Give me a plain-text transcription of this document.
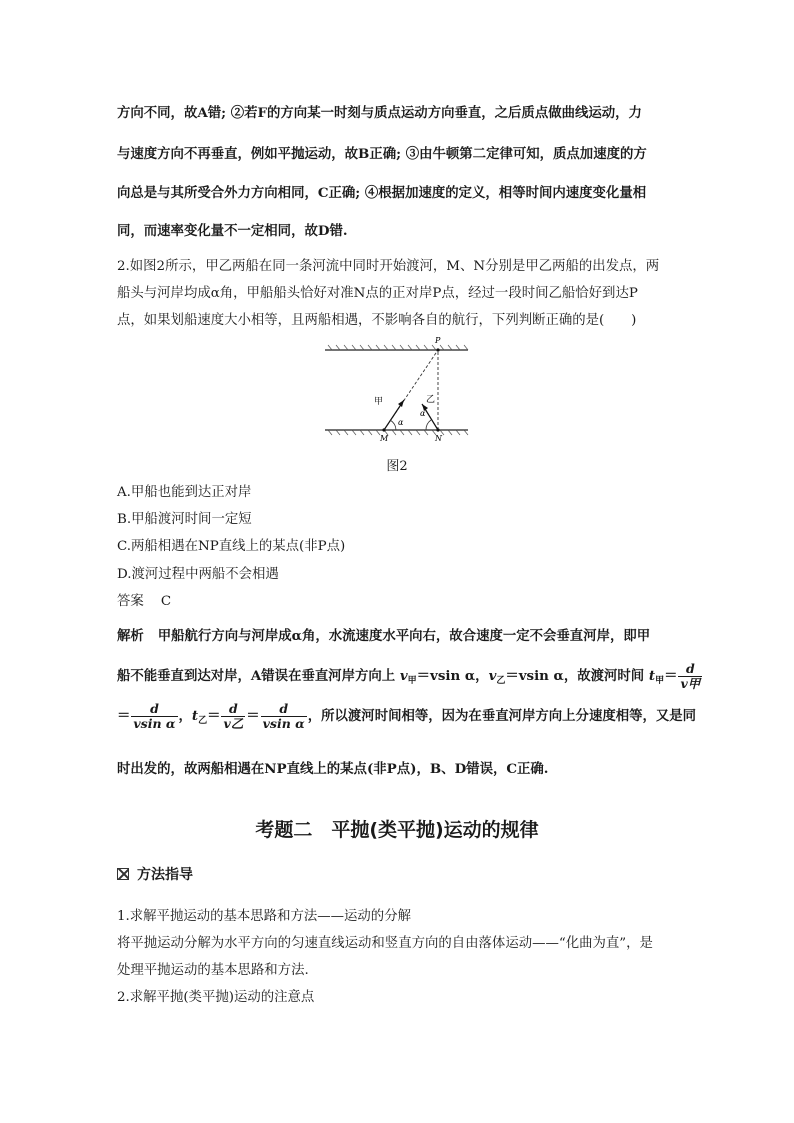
方向不同，故A错; ②若F的方向某一时刻与质点运动方向垂直，之后质点做曲线运动，力
与速度方向不再垂直，例如平抛运动，故B正确; ③由牛顿第二定律可知，质点加速度的方
向总是与其所受合外力方向相同，C正确; ④根据加速度的定义，相等时间内速度变化量相
同，而速率变化量不一定相同，故D错.
2.如图2所示，甲乙两船在同一条河流中同时开始渡河，M、N分别是甲乙两船的出发点，两
船头与河岸均成α角，甲船船头恰好对准N点的正对岸P点，经过一段时间乙船恰好到达P
点，如果划船速度大小相等，且两船相遇，不影响各自的航行，下列判断正确的是(　　)
P
M	N
甲	乙
α
α
图2
A.甲船也能到达正对岸
B.甲船渡河时间一定短
C.两船相遇在NP直线上的某点(非P点)
D.渡河过程中两船不会相遇
答案 C
解析 甲船航行方向与河岸成α角，水流速度水平向右，故合速度一定不会垂直河岸，即甲
船不能垂直到达对岸，A错误在垂直河岸方向上 $v_甲=vsin$ α，$v_乙=vsin$ α，故渡河时间 $t_甲= \frac{d}{\text{v甲}}$
＝ $\frac{d}{\text{vsin α}}$ ，$t_乙= \frac{d}{\text{v乙}} = \frac{d}{\text{vsin α}}$ ，所以渡河时间相等，因为在垂直河岸方向上分速度相等，又是同
时出发的，故两船相遇在NP直线上的某点(非P点)，B、D错误，C正确.
考题二　平抛(类平抛)运动的规律
方法指导
1.求解平抛运动的基本思路和方法——运动的分解
将平抛运动分解为水平方向的匀速直线运动和竖直方向的自由落体运动——“化曲为直”，是
处理平抛运动的基本思路和方法.
2.求解平抛(类平抛)运动的注意点
